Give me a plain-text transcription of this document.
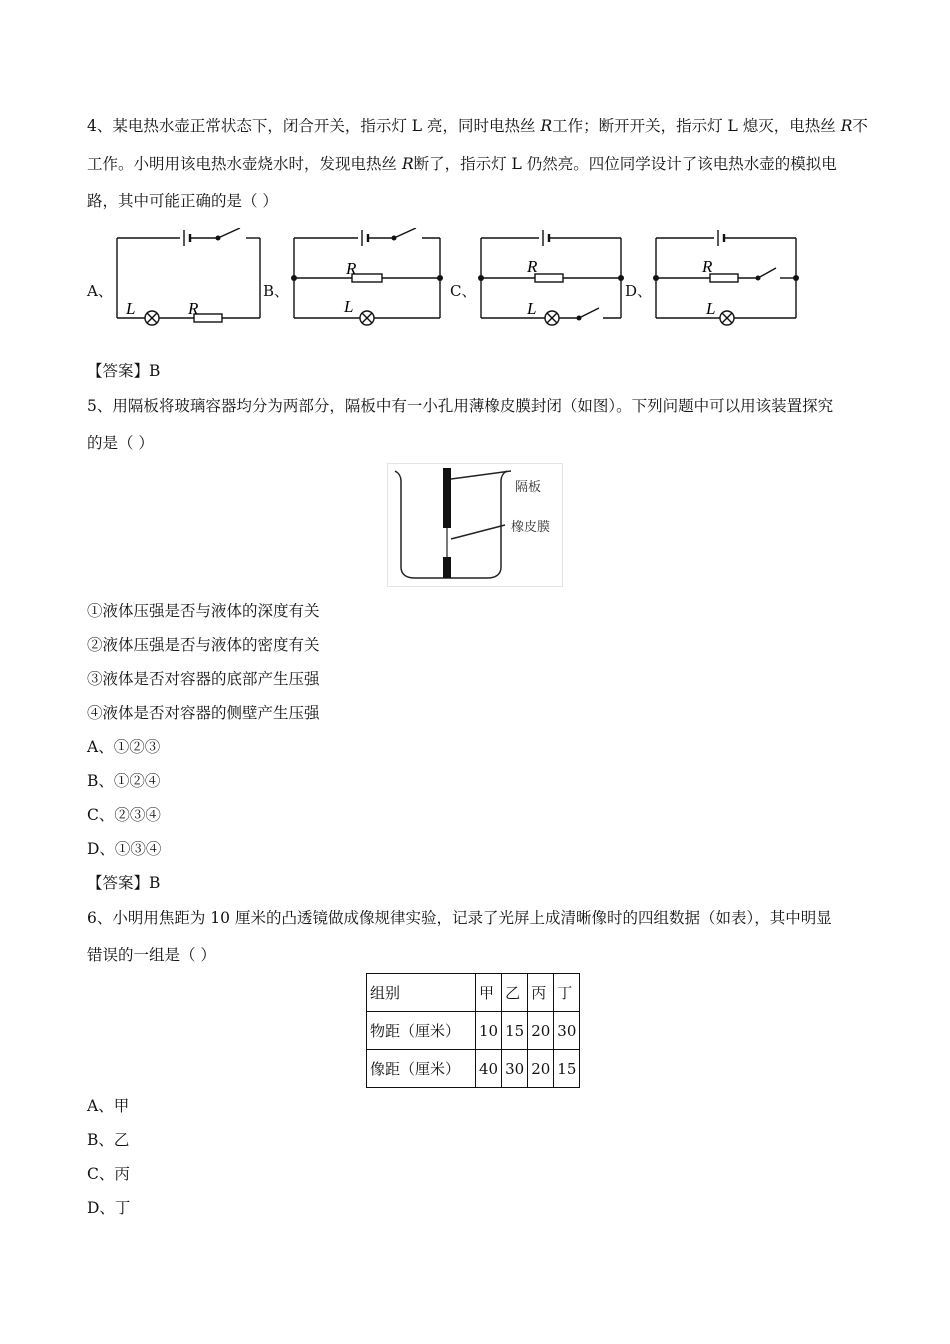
4、某电热水壶正常状态下，闭合开关，指示灯 L 亮，同时电热丝 R工作；断开开关，指示灯 L 熄灭，电热丝 R不
工作。小明用该电热水壶烧水时，发现电热丝 R断了，指示灯 L 仍然亮。四位同学设计了该电热水壶的模拟电
路，其中可能正确的是（ ）
A、	B、	C、	D、
L	R
R
L
R
L
R
L
【答案】B
5、用隔板将玻璃容器均分为两部分，隔板中有一小孔用薄橡皮膜封闭（如图）。下列问题中可以用该装置探究
的是（ ）
隔板
橡皮膜
①液体压强是否与液体的深度有关
②液体压强是否与液体的密度有关
③液体是否对容器的底部产生压强
④液体是否对容器的侧壁产生压强
A、①②③
B、①②④
C、②③④
D、①③④
【答案】B
6、小明用焦距为 10 厘米的凸透镜做成像规律实验，记录了光屏上成清晰像时的四组数据（如表），其中明显
错误的一组是（ ）
组别	甲	乙	丙	丁
物距（厘米）	10	15	20	30
像距（厘米）	40	30	20	15
A、甲
B、乙
C、丙
D、丁
